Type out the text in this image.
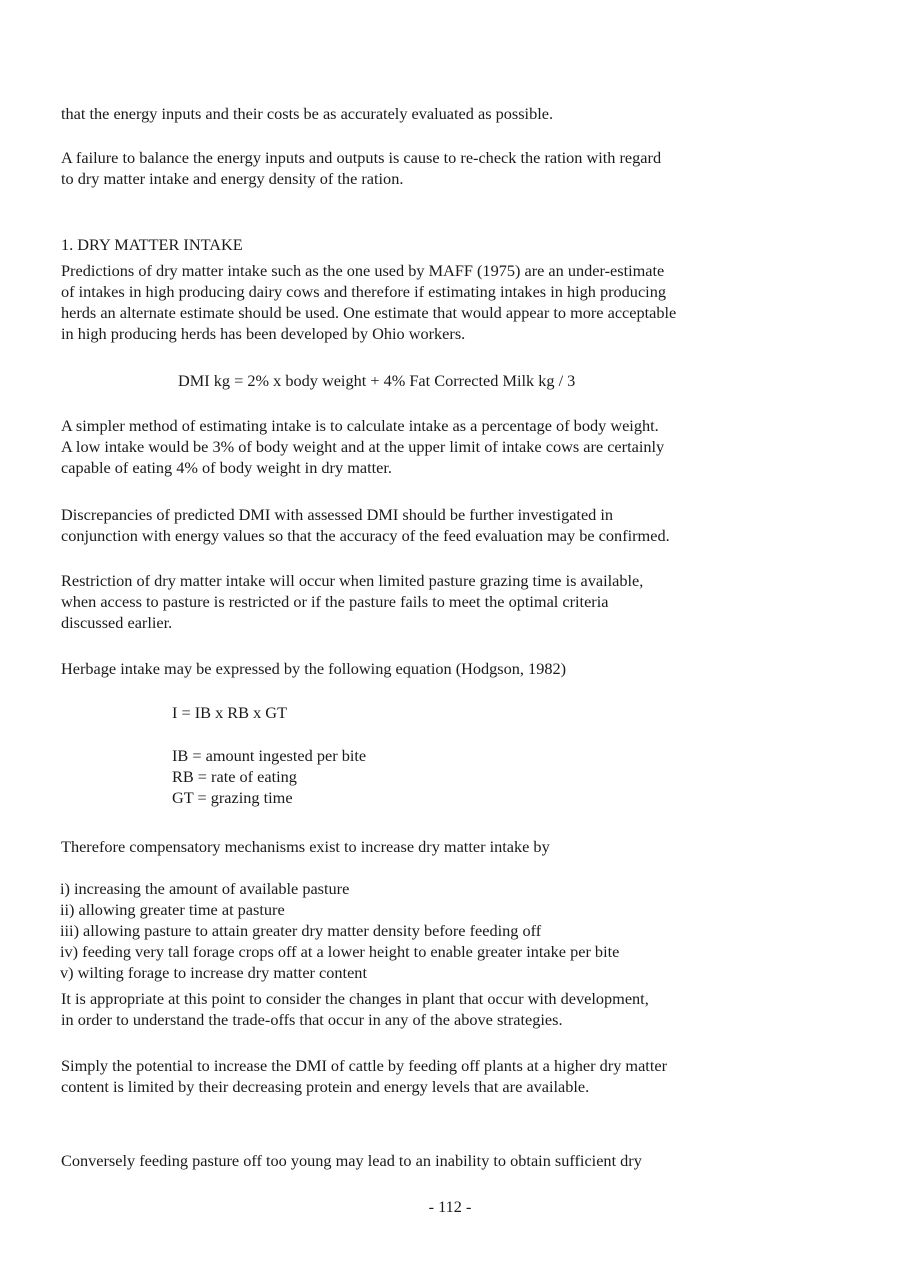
that the energy inputs and their costs be as accurately evaluated as possible.

A failure to balance the energy inputs and outputs is cause to re-check the ration with regard
to dry matter intake and energy density of the ration.

1. DRY MATTER INTAKE

Predictions of dry matter intake such as the one used by MAFF (1975) are an under-estimate
of intakes in high producing dairy cows and therefore if estimating intakes in high producing
herds an alternate estimate should be used. One estimate that would appear to more acceptable
in high producing herds has been developed by Ohio workers.

DMI kg = 2% x body weight + 4% Fat Corrected Milk kg / 3

A simpler method of estimating intake is to calculate intake as a percentage of body weight.
A low intake would be 3% of body weight and at the upper limit of intake cows are certainly
capable of eating 4% of body weight in dry matter.

Discrepancies of predicted DMI with assessed DMI should be further investigated in
conjunction with energy values so that the accuracy of the feed evaluation may be confirmed.

Restriction of dry matter intake will occur when limited pasture grazing time is available,
when access to pasture is restricted or if the pasture fails to meet the optimal criteria
discussed earlier.

Herbage intake may be expressed by the following equation (Hodgson, 1982)

I = IB x RB x GT

IB = amount ingested per bite
RB = rate of eating
GT = grazing time

Therefore compensatory mechanisms exist to increase dry matter intake by

i) increasing the amount of available pasture
ii) allowing greater time at pasture
iii) allowing pasture to attain greater dry matter density before feeding off
iv) feeding very tall forage crops off at a lower height to enable greater intake per bite
v) wilting forage to increase dry matter content

It is appropriate at this point to consider the changes in plant that occur with development,
in order to understand the trade-offs that occur in any of the above strategies.

Simply the potential to increase the DMI of cattle by feeding off plants at a higher dry matter
content is limited by their decreasing protein and energy levels that are available.

Conversely feeding pasture off too young may lead to an inability to obtain sufficient dry

- 112 -
